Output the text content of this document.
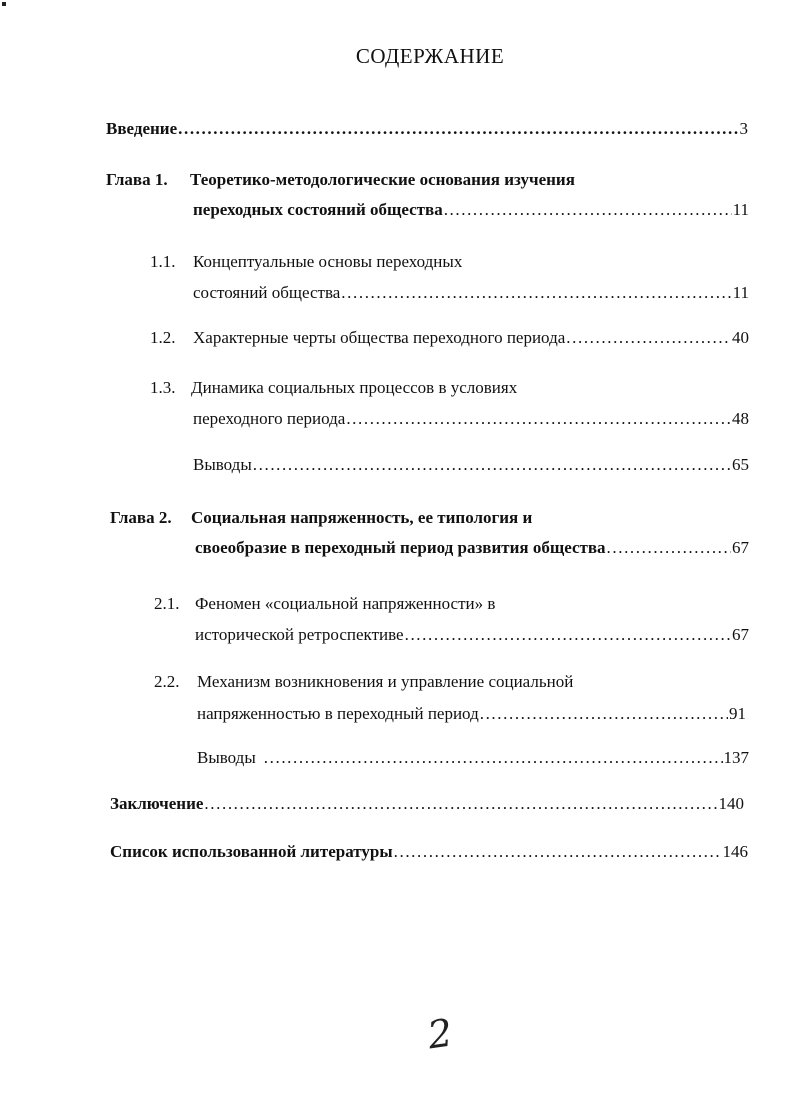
СОДЕРЖАНИЕ
Введение .....	3
Глава 1. Теоретико-методологические основания изучения
переходных состояний общества .....	11
1.1. Концептуальные основы переходных
состояний общества .....	11
1.2. Характерные черты общества переходного периода .....	40
1.3. Динамика социальных процессов в условиях
переходного периода .....	48
Выводы .....	65
Глава 2. Социальная напряженность, ее типология и
своеобразие в переходный период развития общества .....	67
2.1. Феномен «социальной напряженности» в
исторической ретроспективе .....	67
2.2. Механизм возникновения и управление социальной
напряженностью в переходный период .....	91
Выводы .....	137
Заключение .....	140
Список использованной литературы .....	146
2
